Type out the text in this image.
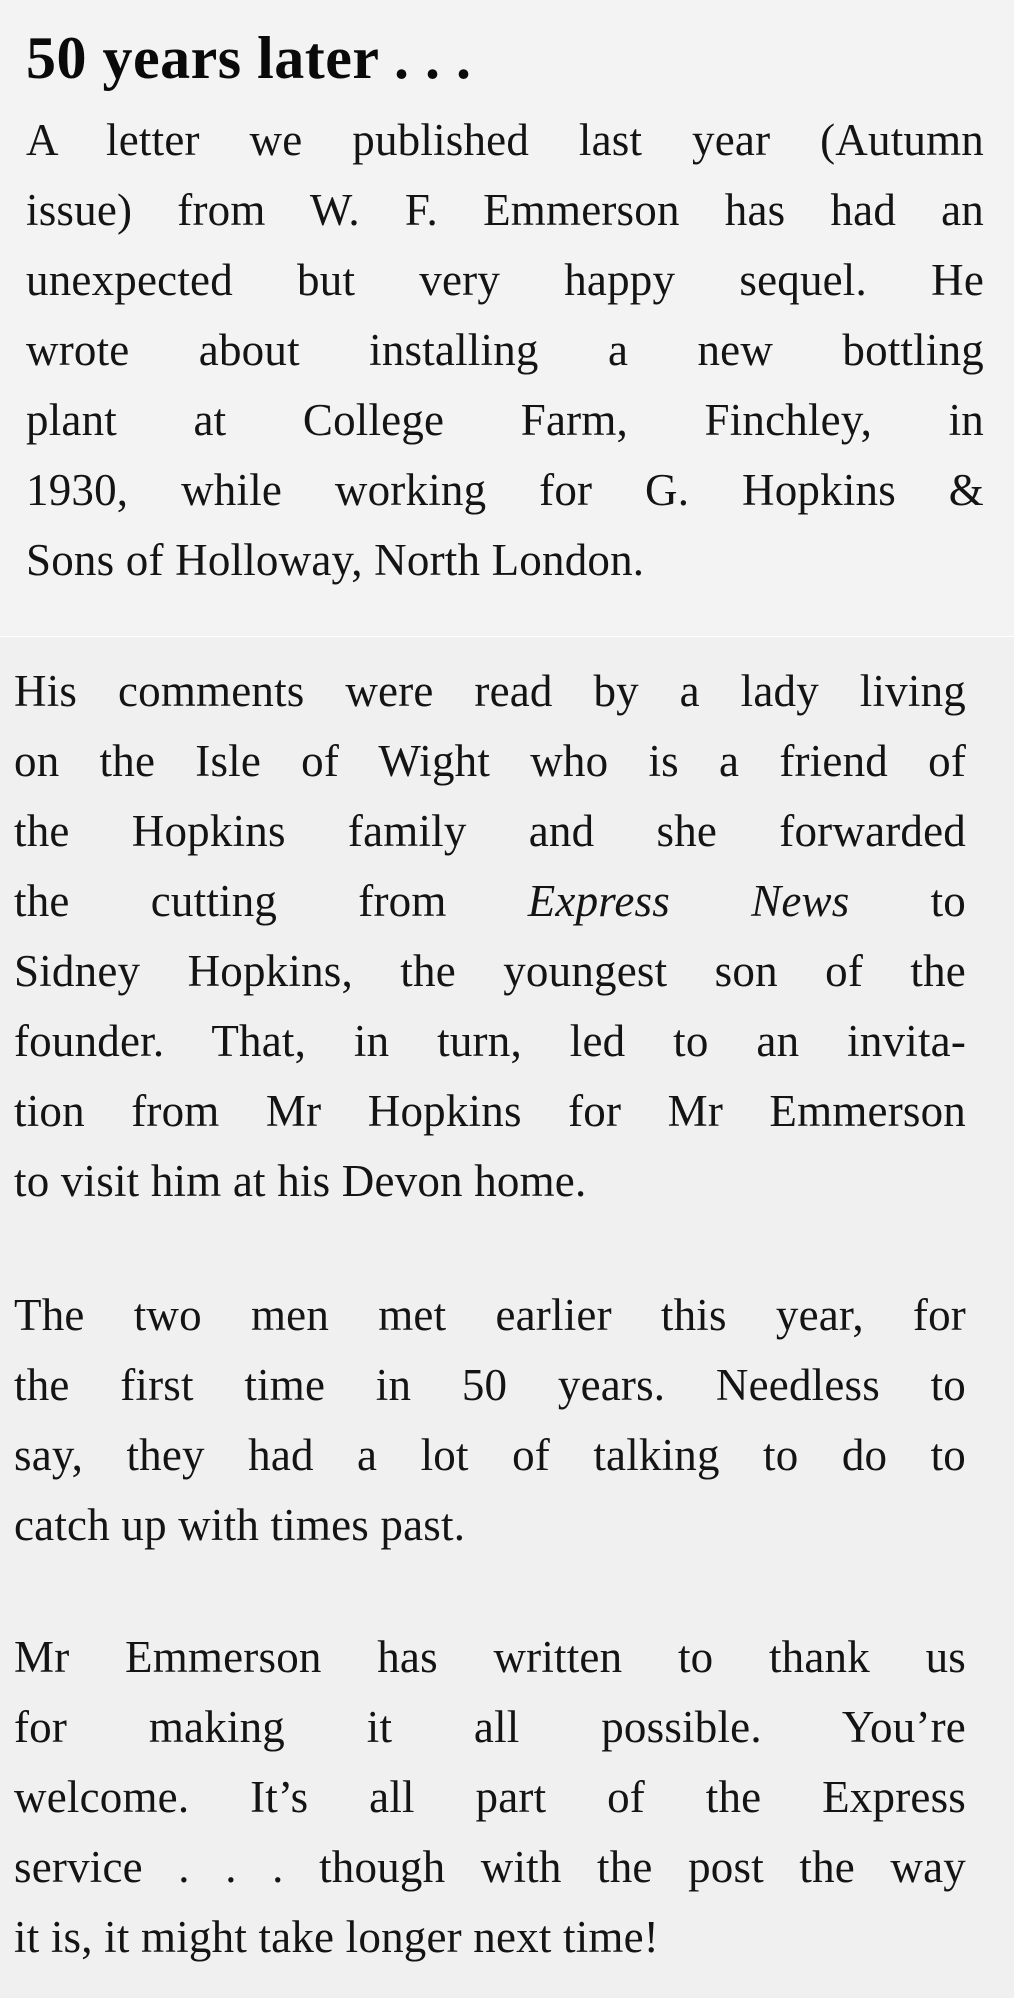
50 years later . . .
A letter we published last year (Autumn
issue) from W. F. Emmerson has had an
unexpected but very happy sequel. He
wrote about installing a new bottling
plant at College Farm, Finchley, in
1930, while working for G. Hopkins &
Sons of Holloway, North London.
His comments were read by a lady living
on the Isle of Wight who is a friend of
the Hopkins family and she forwarded
the cutting from Express News to
Sidney Hopkins, the youngest son of the
founder. That, in turn, led to an invita-
tion from Mr Hopkins for Mr Emmerson
to visit him at his Devon home.
The two men met earlier this year, for
the first time in 50 years. Needless to
say, they had a lot of talking to do to
catch up with times past.
Mr Emmerson has written to thank us
for making it all possible. You’re
welcome. It’s all part of the Express
service . . . though with the post the way
it is, it might take longer next time!
